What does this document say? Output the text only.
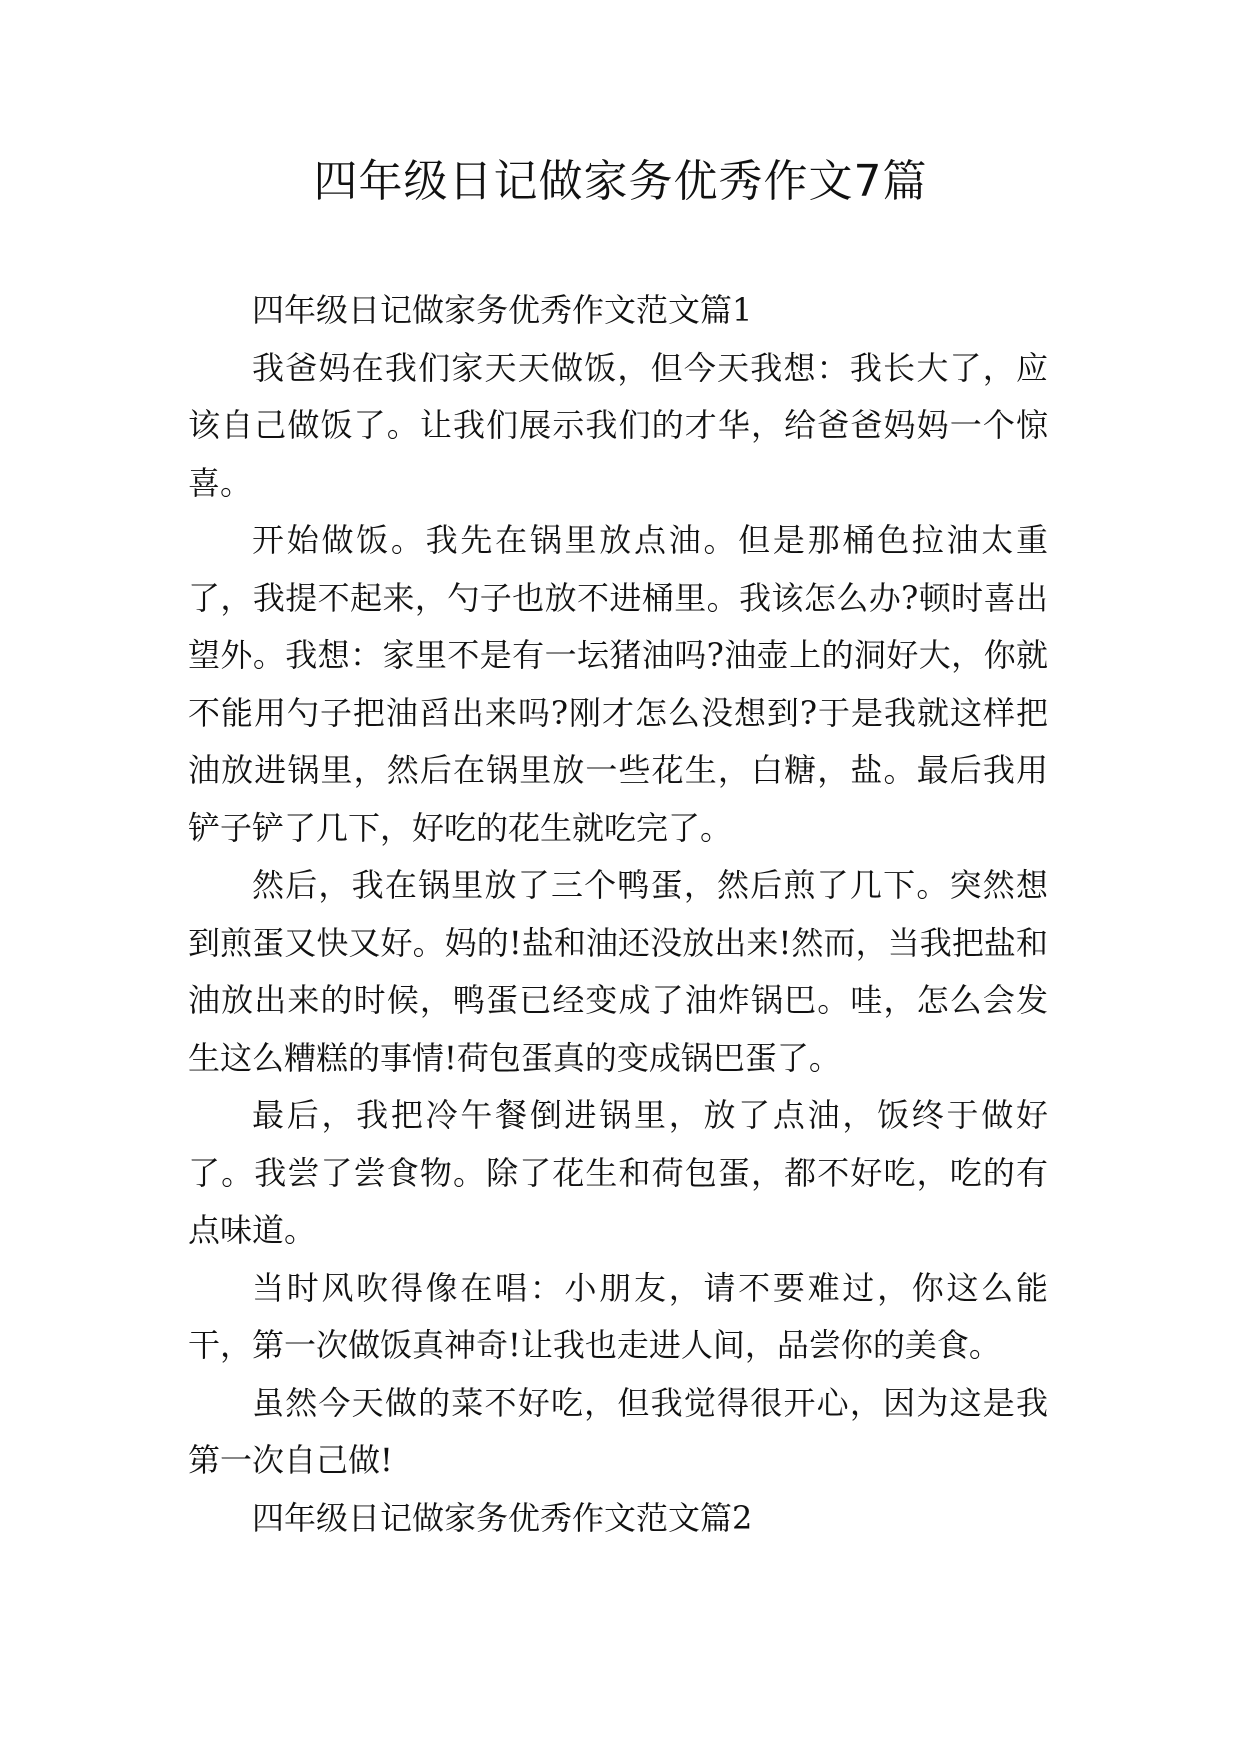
四年级日记做家务优秀作文7篇

四年级日记做家务优秀作文范文篇1

我爸妈在我们家天天做饭，但今天我想：我长大了，应该自己做饭了。让我们展示我们的才华，给爸爸妈妈一个惊喜。

开始做饭。我先在锅里放点油。但是那桶色拉油太重了，我提不起来，勺子也放不进桶里。我该怎么办?顿时喜出望外。我想：家里不是有一坛猪油吗?油壶上的洞好大，你就不能用勺子把油舀出来吗?刚才怎么没想到?于是我就这样把油放进锅里，然后在锅里放一些花生，白糖，盐。最后我用铲子铲了几下，好吃的花生就吃完了。

然后，我在锅里放了三个鸭蛋，然后煎了几下。突然想到煎蛋又快又好。妈的!盐和油还没放出来!然而，当我把盐和油放出来的时候，鸭蛋已经变成了油炸锅巴。哇，怎么会发生这么糟糕的事情!荷包蛋真的变成锅巴蛋了。

最后，我把冷午餐倒进锅里，放了点油，饭终于做好了。我尝了尝食物。除了花生和荷包蛋，都不好吃，吃的有点味道。

当时风吹得像在唱：小朋友，请不要难过，你这么能干，第一次做饭真神奇!让我也走进人间，品尝你的美食。

虽然今天做的菜不好吃，但我觉得很开心，因为这是我第一次自己做!

四年级日记做家务优秀作文范文篇2
